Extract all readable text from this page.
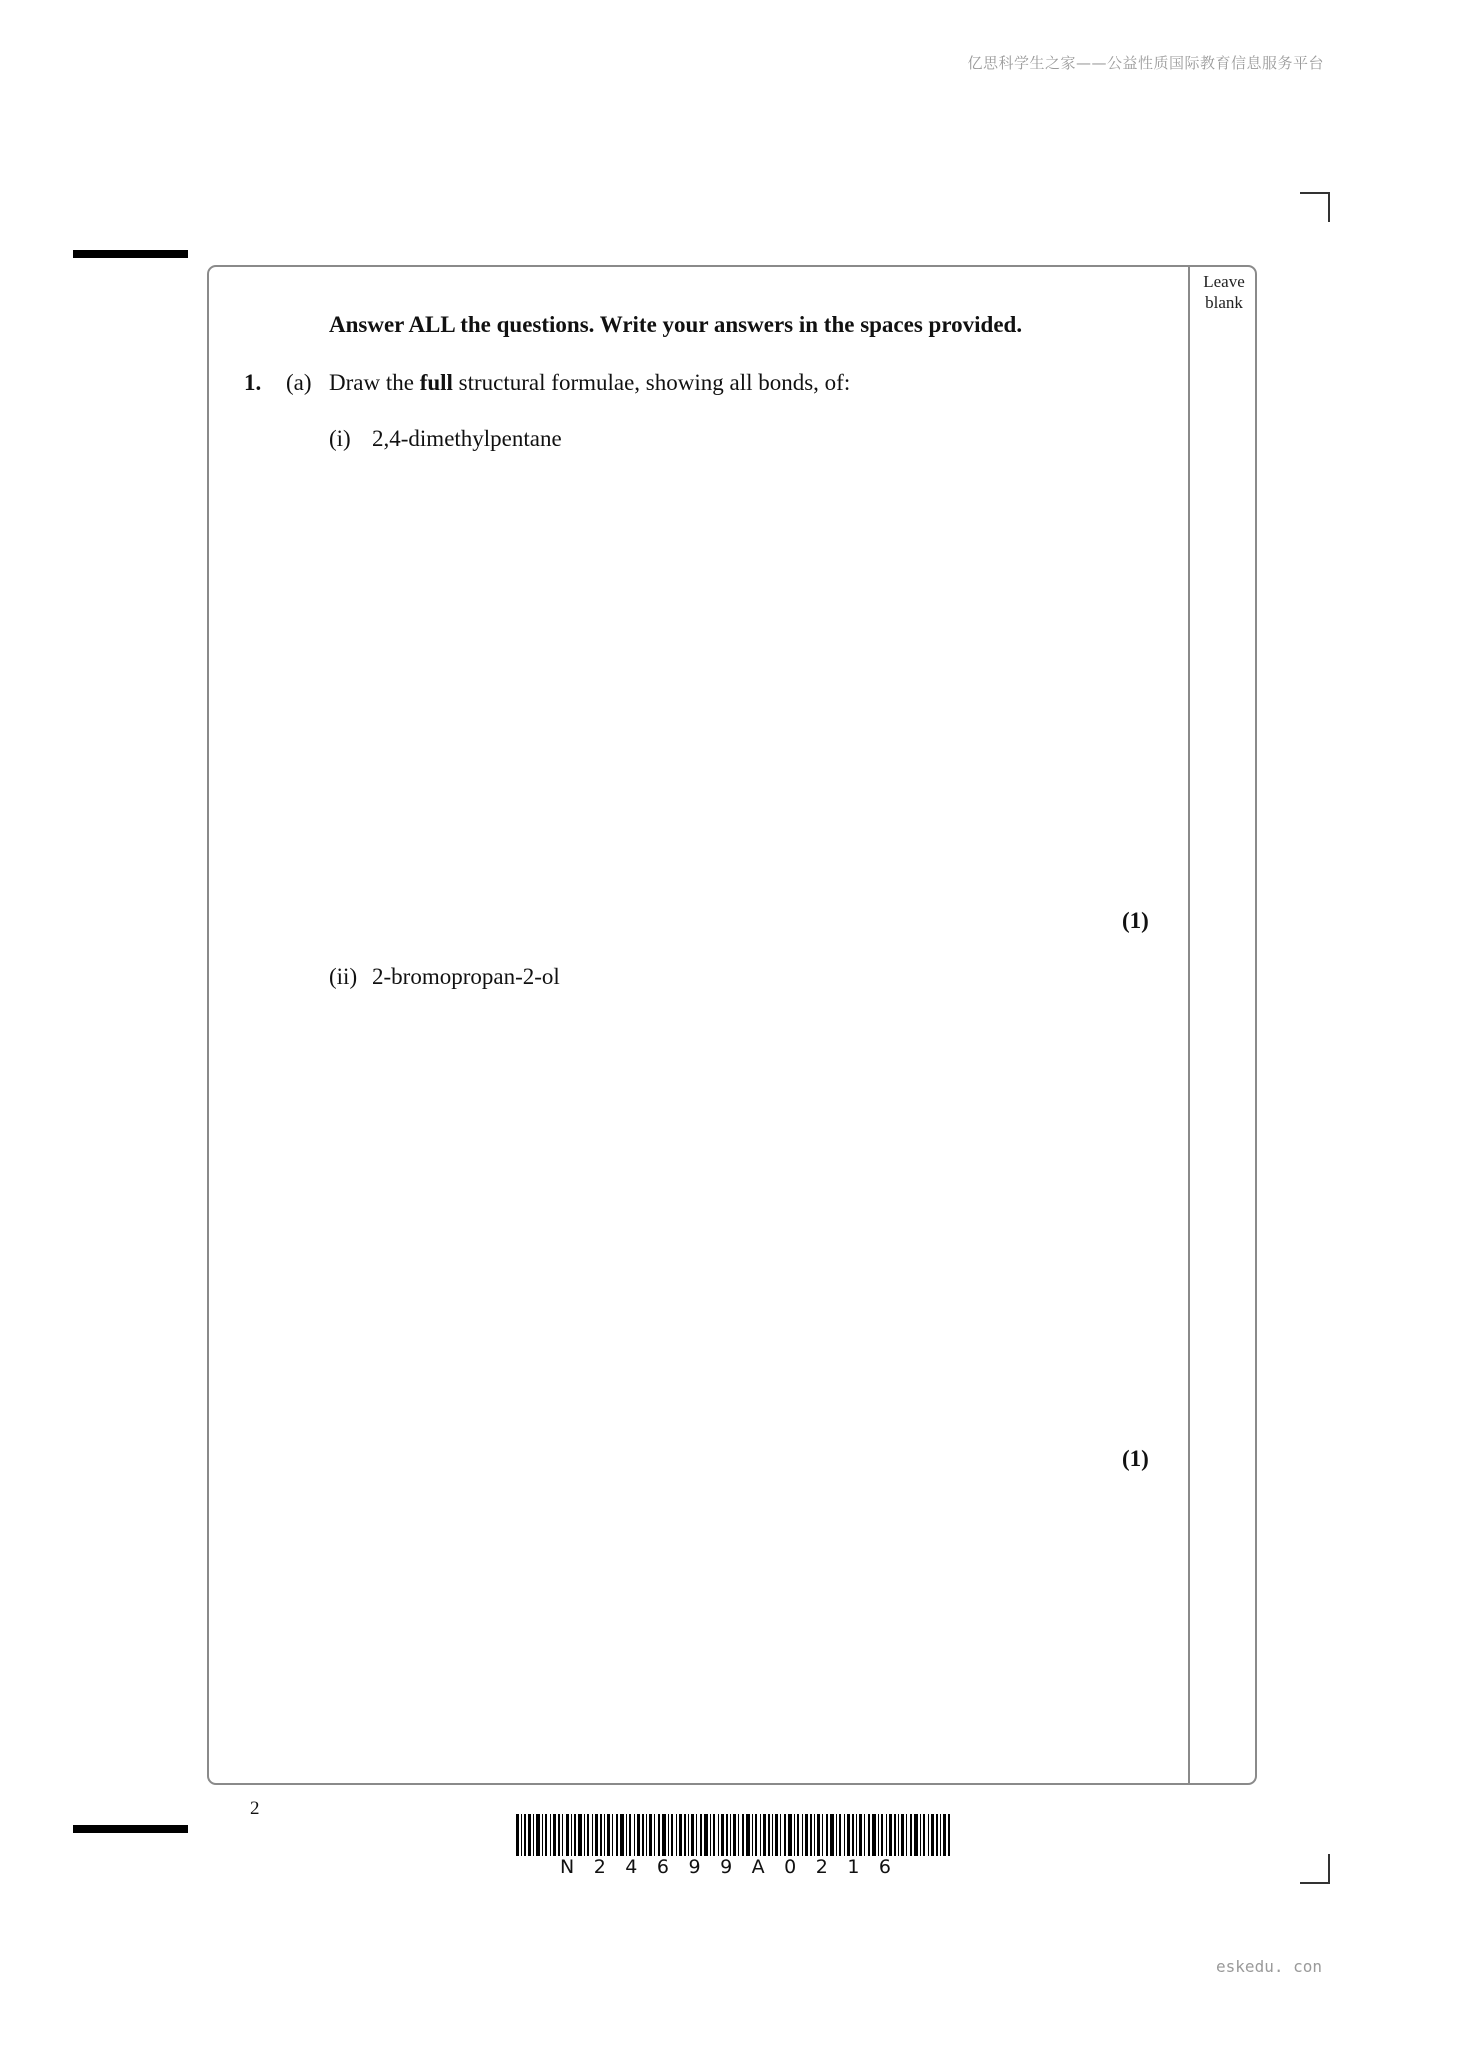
亿思科学生之家——公益性质国际教育信息服务平台
Leave
blank
Answer ALL the questions. Write your answers in the spaces provided.
1. (a) Draw the full structural formulae, showing all bonds, of:
(i) 2,4-dimethylpentane
(1)
(ii) 2-bromopropan-2-ol
(1)
2
N24699A0216
eskedu. con
